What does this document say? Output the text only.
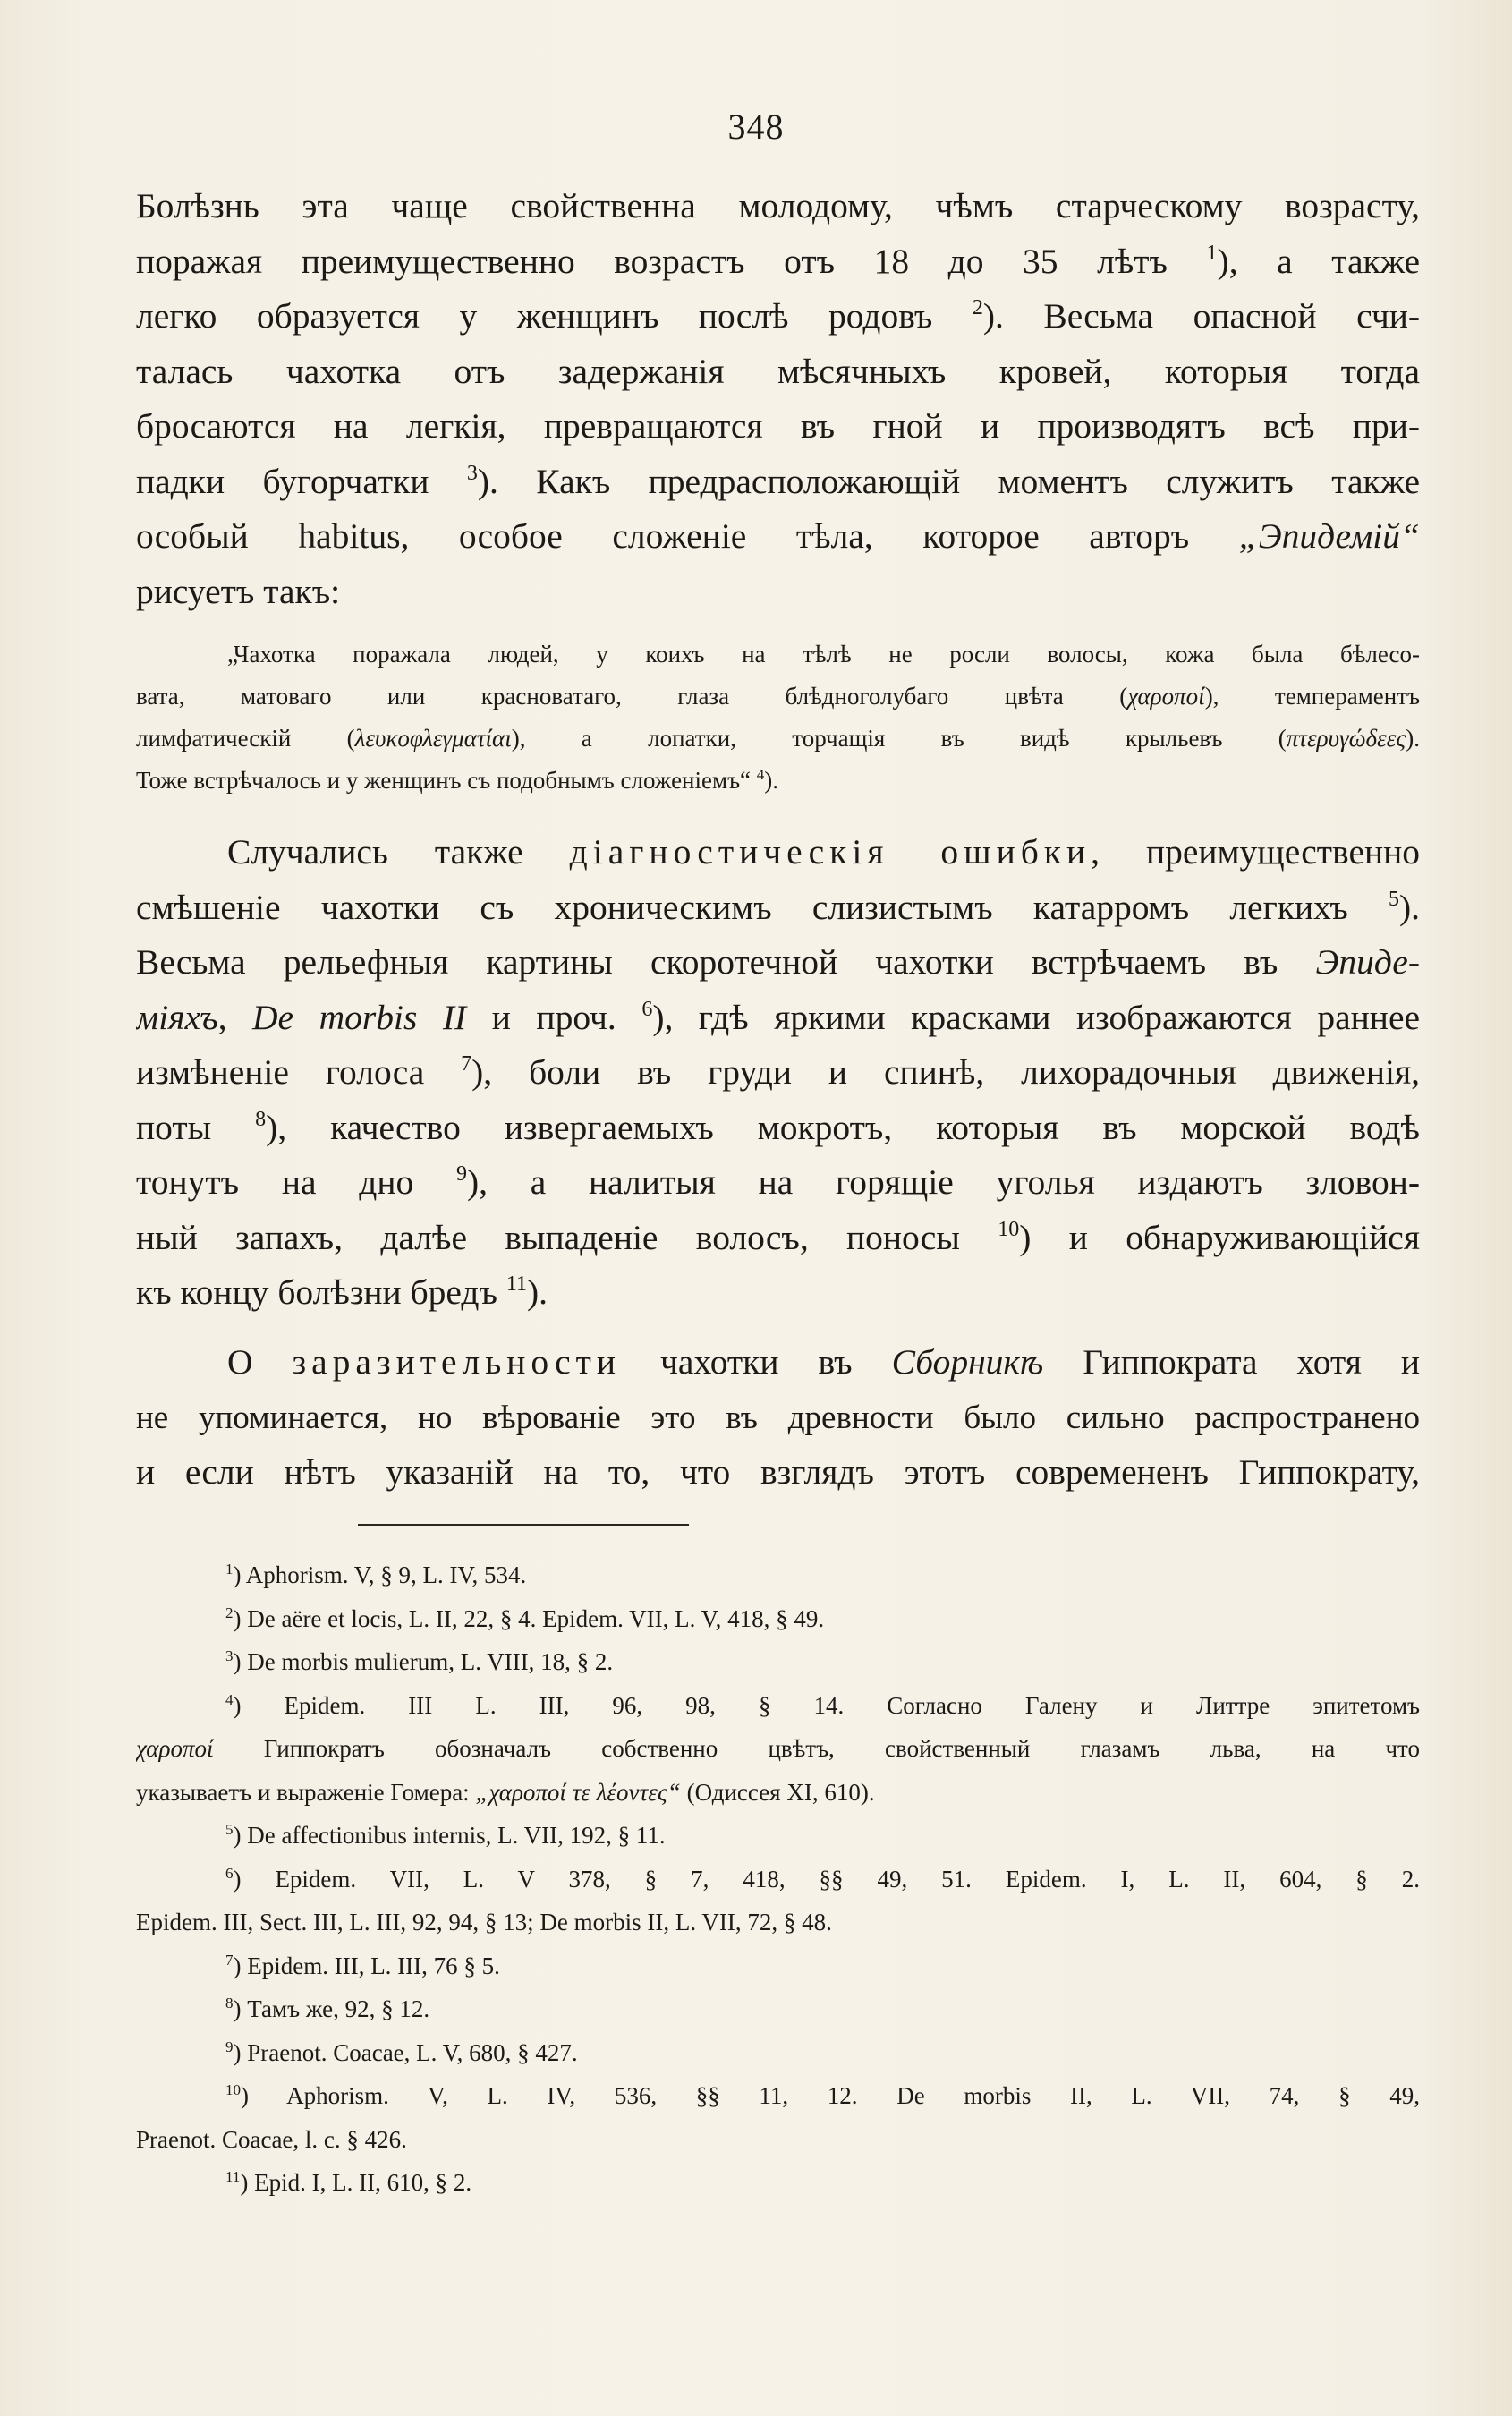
348
Болѣзнь эта чаще свойственна молодому, чѣмъ старческому возрасту,
поражая преимущественно возрастъ отъ 18 до 35 лѣтъ $^1$), а также
легко образуется у женщинъ послѣ родовъ $^2$). Весьма опасной счи-
талась чахотка отъ задержанія мѣсячныхъ кровей, которыя тогда
бросаются на легкія, превращаются въ гной и производятъ всѣ при-
падки бугорчатки $^3$). Какъ предрасположающій моментъ служитъ также
особый habitus, особое сложеніе тѣла, которое авторъ „Эпидемій“
рисуетъ такъ:
„Чахотка поражала людей, у коихъ на тѣлѣ не росли волосы, кожа была бѣлесо-
вата, матоваго или красноватаго, глаза блѣдноголубаго цвѣта (χαροποί), темпераментъ
лимфатическій (λευκοφλεγματίαι), а лопатки, торчащія въ видѣ крыльевъ (πτερυγώδεες).
Тоже встрѣчалось и у женщинъ съ подобнымъ сложеніемъ“ $^4$).
Случались также діагностическія ошибки, преимущественно
смѣшеніе чахотки съ хроническимъ слизистымъ катарромъ легкихъ $^5$).
Весьма рельефныя картины скоротечной чахотки встрѣчаемъ въ Эпиде-
міяхъ, De morbis II и проч. $^6$), гдѣ яркими красками изображаются раннее
измѣненіе голоса $^7$), боли въ груди и спинѣ, лихорадочныя движенія,
поты $^8$), качество извергаемыхъ мокротъ, которыя въ морской водѣ
тонутъ на дно $^9$), а налитыя на горящіе уголья издаютъ зловон-
ный запахъ, далѣе выпаденіе волосъ, поносы $^{10}$) и обнаруживающійся
къ концу болѣзни бредъ $^{11}$).
О заразительности чахотки въ Сборникѣ Гиппократа хотя и
не упоминается, но вѣрованіе это въ древности было сильно распространено
и если нѣтъ указаній на то, что взглядъ этотъ современенъ Гиппократу,
$^1$) Aphorism. V, § 9, L. IV, 534.
$^2$) De aëre et locis, L. II, 22, § 4. Epidem. VII, L. V, 418, § 49.
$^3$) De morbis mulierum, L. VIII, 18, § 2.
$^4$) Epidem. III L. III, 96, 98, § 14. Согласно Галену и Литтре эпитетомъ
χαροποί Гиппократъ обозначалъ собственно цвѣтъ, свойственный глазамъ льва, на что
указываетъ и выраженіе Гомера: „χαροποί τε λέοντες“ (Одиссея XI, 610).
$^5$) De affectionibus internis, L. VII, 192, § 11.
$^6$) Epidem. VII, L. V 378, § 7, 418, §§ 49, 51. Epidem. I, L. II, 604, § 2.
Epidem. III, Sect. III, L. III, 92, 94, § 13; De morbis II, L. VII, 72, § 48.
$^7$) Epidem. III, L. III, 76 § 5.
$^8$) Тамъ же, 92, § 12.
$^9$) Praenot. Coacae, L. V, 680, § 427.
$^{10}$) Aphorism. V, L. IV, 536, §§ 11, 12. De morbis II, L. VII, 74, § 49,
Praenot. Coacae, l. c. § 426.
$^{11}$) Epid. I, L. II, 610, § 2.
